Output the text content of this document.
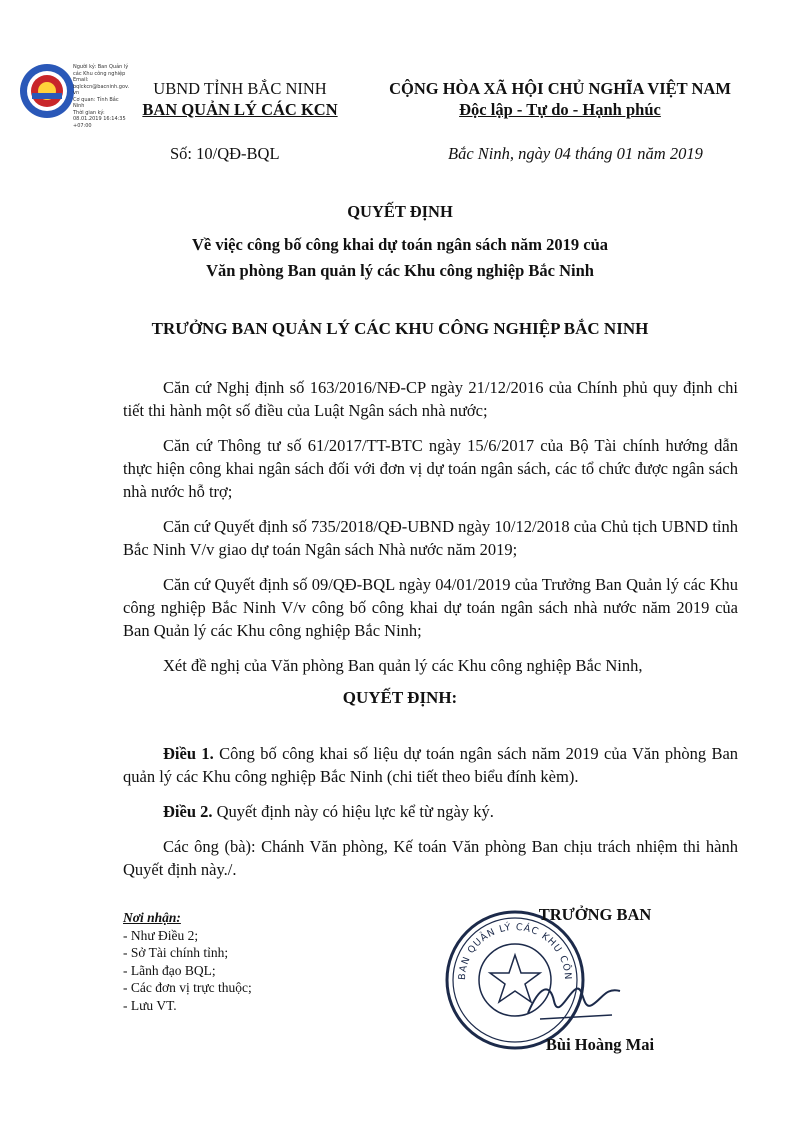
Người ký: Ban Quản lý
các Khu công nghiệp
Email:
bqlckcn@bacninh.gov.
vn
Cơ quan: Tỉnh Bắc
Ninh
Thời gian ký:
08.01.2019 16:14:35
+07:00
UBND TỈNH BẮC NINH
BAN QUẢN LÝ CÁC KCN
CỘNG HÒA XÃ HỘI CHỦ NGHĨA VIỆT NAM
Độc lập - Tự do - Hạnh phúc
Số: 10/QĐ-BQL	Bắc Ninh, ngày 04 tháng 01 năm 2019
QUYẾT ĐỊNH
Về việc công bố công khai dự toán ngân sách năm 2019 của
Văn phòng Ban quản lý các Khu công nghiệp Bắc Ninh
TRƯỞNG BAN QUẢN LÝ CÁC KHU CÔNG NGHIỆP BẮC NINH

Căn cứ Nghị định số 163/2016/NĐ-CP ngày 21/12/2016 của Chính phủ quy định chi tiết thi hành một số điều của Luật Ngân sách nhà nước;

Căn cứ Thông tư số 61/2017/TT-BTC ngày 15/6/2017 của Bộ Tài chính hướng dẫn thực hiện công khai ngân sách đối với đơn vị dự toán ngân sách, các tổ chức được ngân sách nhà nước hỗ trợ;

Căn cứ Quyết định số 735/2018/QĐ-UBND ngày 10/12/2018 của Chủ tịch UBND tỉnh Bắc Ninh V/v giao dự toán Ngân sách Nhà nước năm 2019;

Căn cứ Quyết định số 09/QĐ-BQL ngày 04/01/2019 của Trưởng Ban Quản lý các Khu công nghiệp Bắc Ninh V/v công bố công khai dự toán ngân sách nhà nước năm 2019 của Ban Quản lý các Khu công nghiệp Bắc Ninh;

Xét đề nghị của Văn phòng Ban quản lý các Khu công nghiệp Bắc Ninh,

QUYẾT ĐỊNH:

Điều 1. Công bố công khai số liệu dự toán ngân sách năm 2019 của Văn phòng Ban quản lý các Khu công nghiệp Bắc Ninh (chi tiết theo biểu đính kèm).

Điều 2. Quyết định này có hiệu lực kể từ ngày ký.

Các ông (bà): Chánh Văn phòng, Kế toán Văn phòng Ban chịu trách nhiệm thi hành Quyết định này./.

Nơi nhận:
- Như Điều 2;
- Sở Tài chính tỉnh;
- Lãnh đạo BQL;
- Các đơn vị trực thuộc;
- Lưu VT.
BAN QUẢN LÝ CÁC KHU CÔN
TRƯỞNG BAN
Bùi Hoàng Mai
